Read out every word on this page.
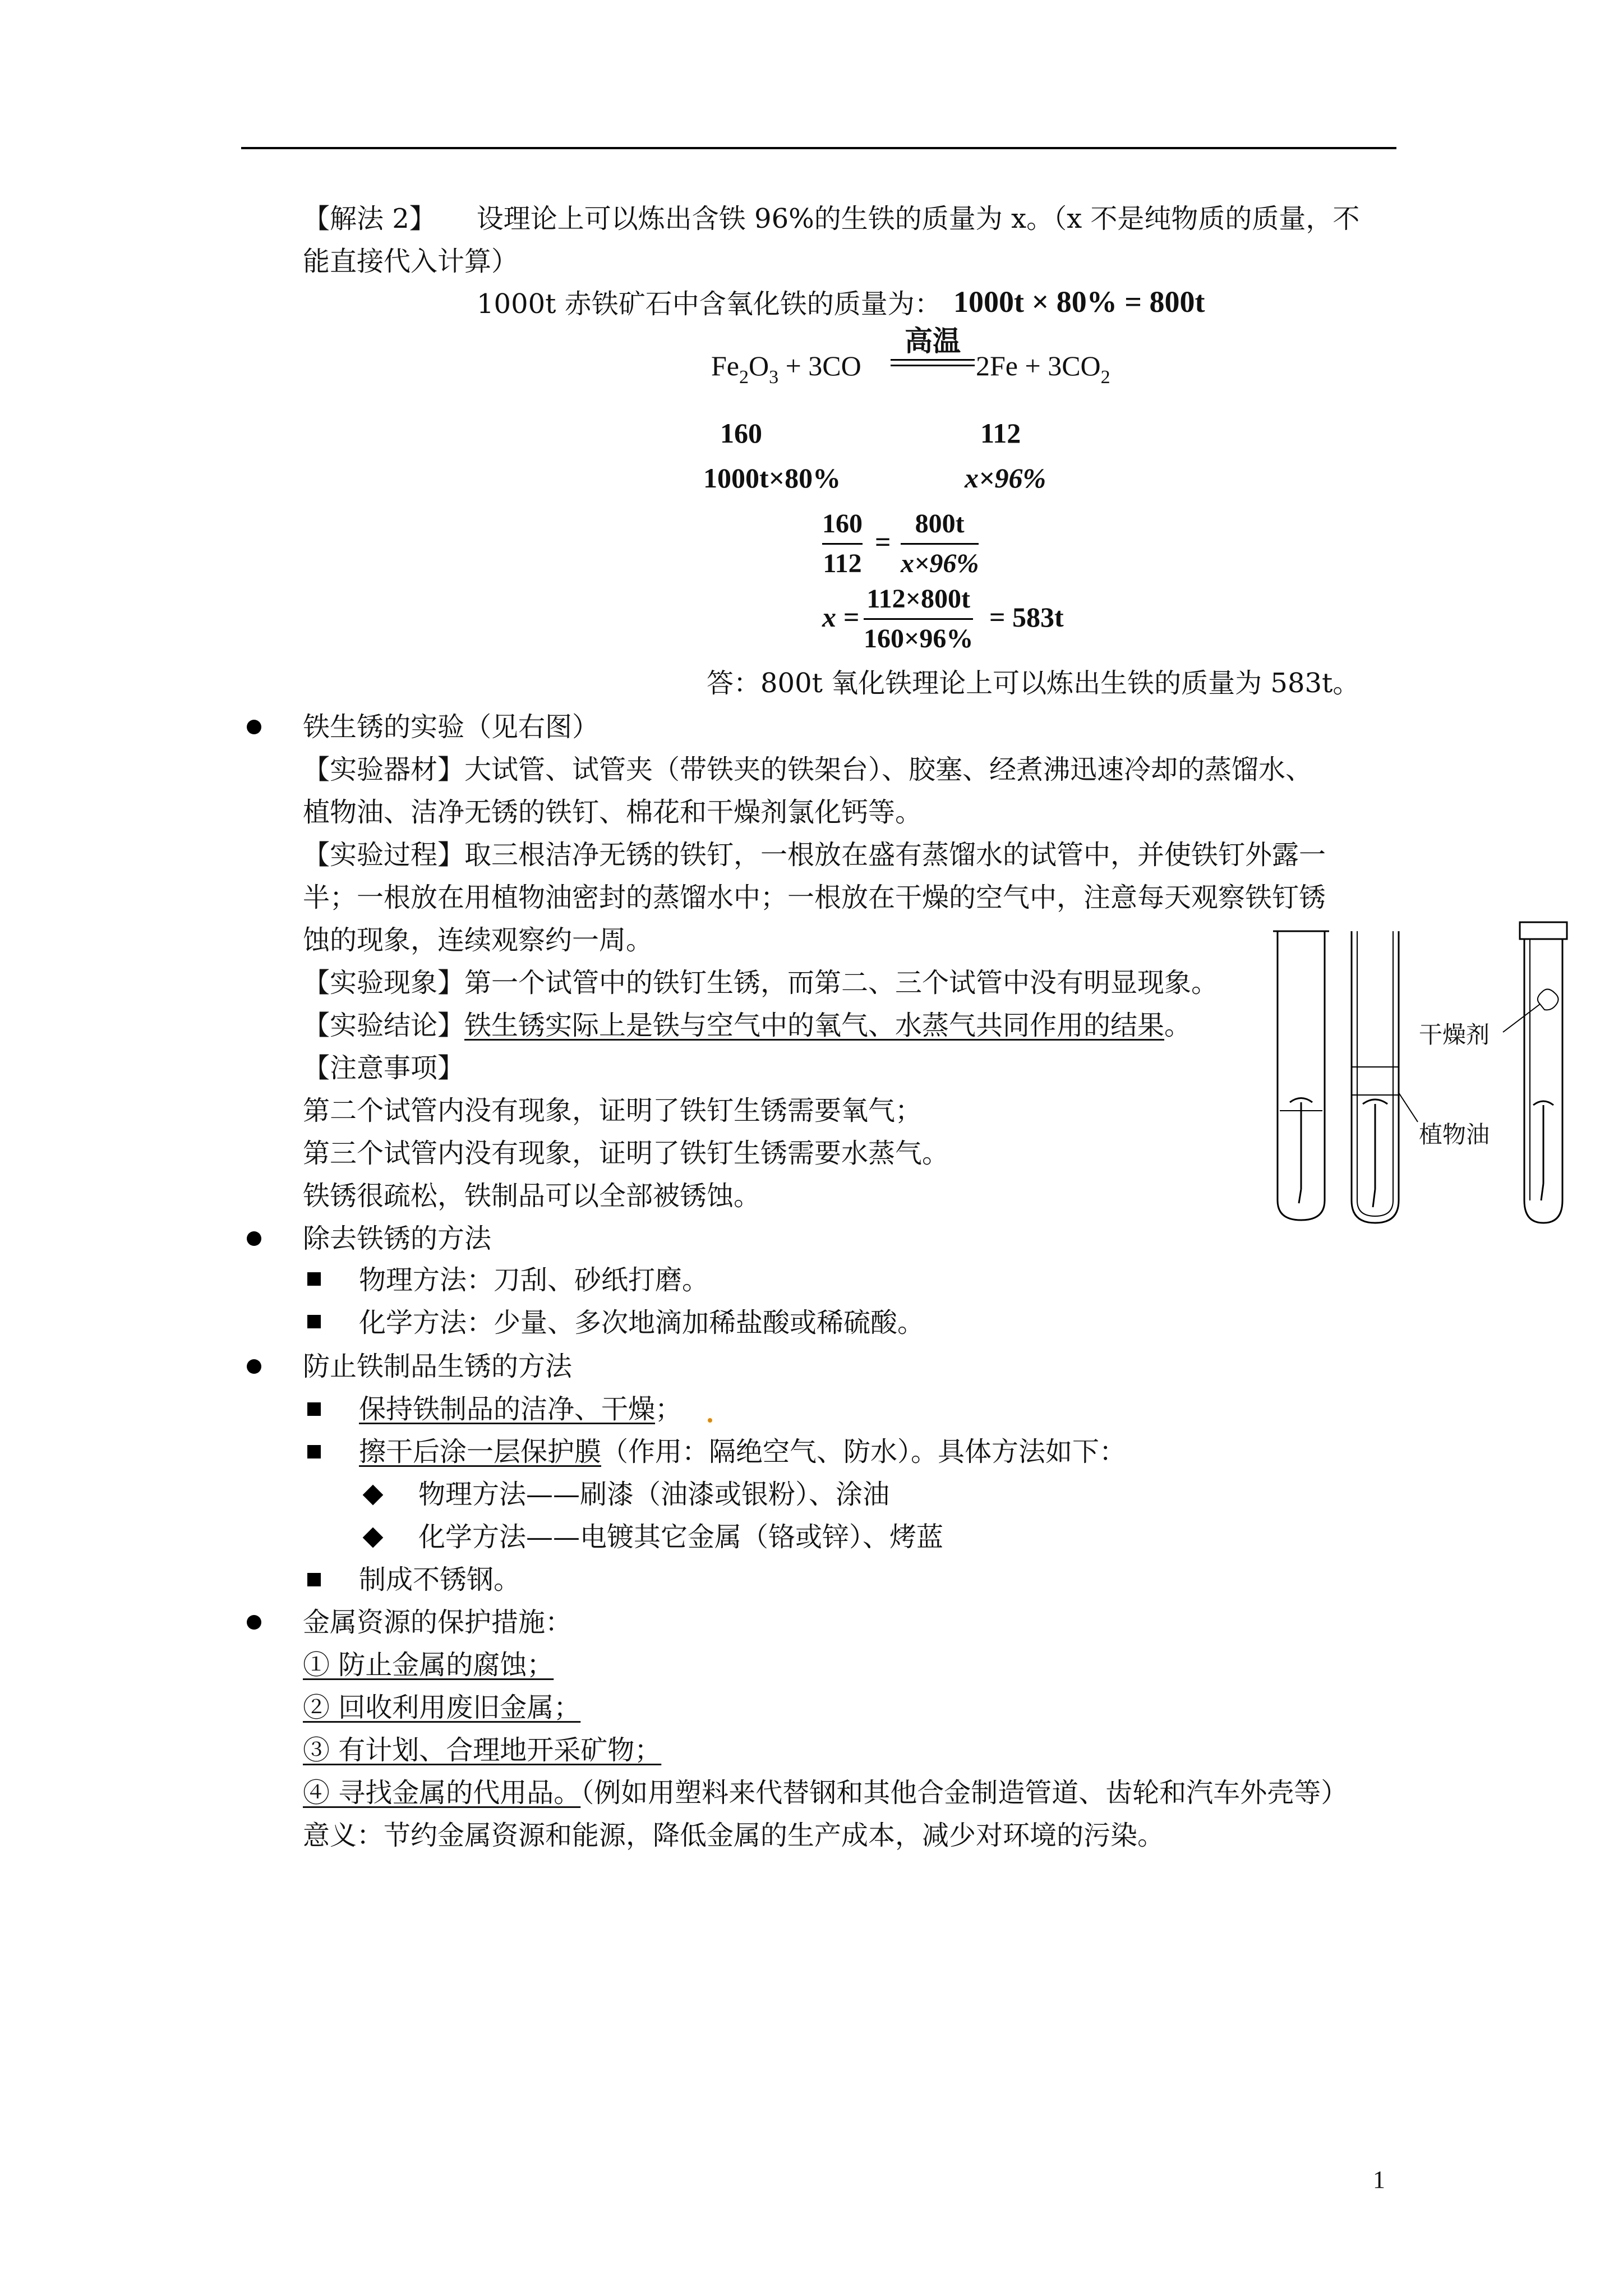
【解法 2】　　设理论上可以炼出含铁 96%的生铁的质量为 x。（x 不是纯物质的质量，不
能直接代入计算）
1000t 赤铁矿石中含氧化铁的质量为： 1000t × 80% = 800t
$Fe_2O_3 + 3CO$
高温
$2Fe + 3CO_2$
160	112
1000t×80%	x×96%
160
112
=
800t
x×96%
x =
112×800t
160×96%
= 583t
答：800t 氧化铁理论上可以炼出生铁的质量为 583t。
铁生锈的实验（见右图）
【实验器材】大试管、试管夹（带铁夹的铁架台）、胶塞、经煮沸迅速冷却的蒸馏水、
植物油、洁净无锈的铁钉、棉花和干燥剂氯化钙等。
【实验过程】取三根洁净无锈的铁钉，一根放在盛有蒸馏水的试管中，并使铁钉外露一
半；一根放在用植物油密封的蒸馏水中；一根放在干燥的空气中，注意每天观察铁钉锈
蚀的现象，连续观察约一周。
【实验现象】第一个试管中的铁钉生锈，而第二、三个试管中没有明显现象。
【实验结论】铁生锈实际上是铁与空气中的氧气、水蒸气共同作用的结果。
【注意事项】
第二个试管内没有现象，证明了铁钉生锈需要氧气；
第三个试管内没有现象，证明了铁钉生锈需要水蒸气。
铁锈很疏松，铁制品可以全部被锈蚀。
干燥剂
植物油
除去铁锈的方法
物理方法：刀刮、砂纸打磨。
化学方法：少量、多次地滴加稀盐酸或稀硫酸。
防止铁制品生锈的方法
保持铁制品的洁净、干燥；
擦干后涂一层保护膜（作用：隔绝空气、防水）。具体方法如下：
物理方法——刷漆（油漆或银粉）、涂油
化学方法——电镀其它金属（铬或锌）、烤蓝
制成不锈钢。
金属资源的保护措施：
① 防止金属的腐蚀；
② 回收利用废旧金属；
③ 有计划、合理地开采矿物；
④ 寻找金属的代用品。（例如用塑料来代替钢和其他合金制造管道、齿轮和汽车外壳等）
意义：节约金属资源和能源，降低金属的生产成本，减少对环境的污染。
1
